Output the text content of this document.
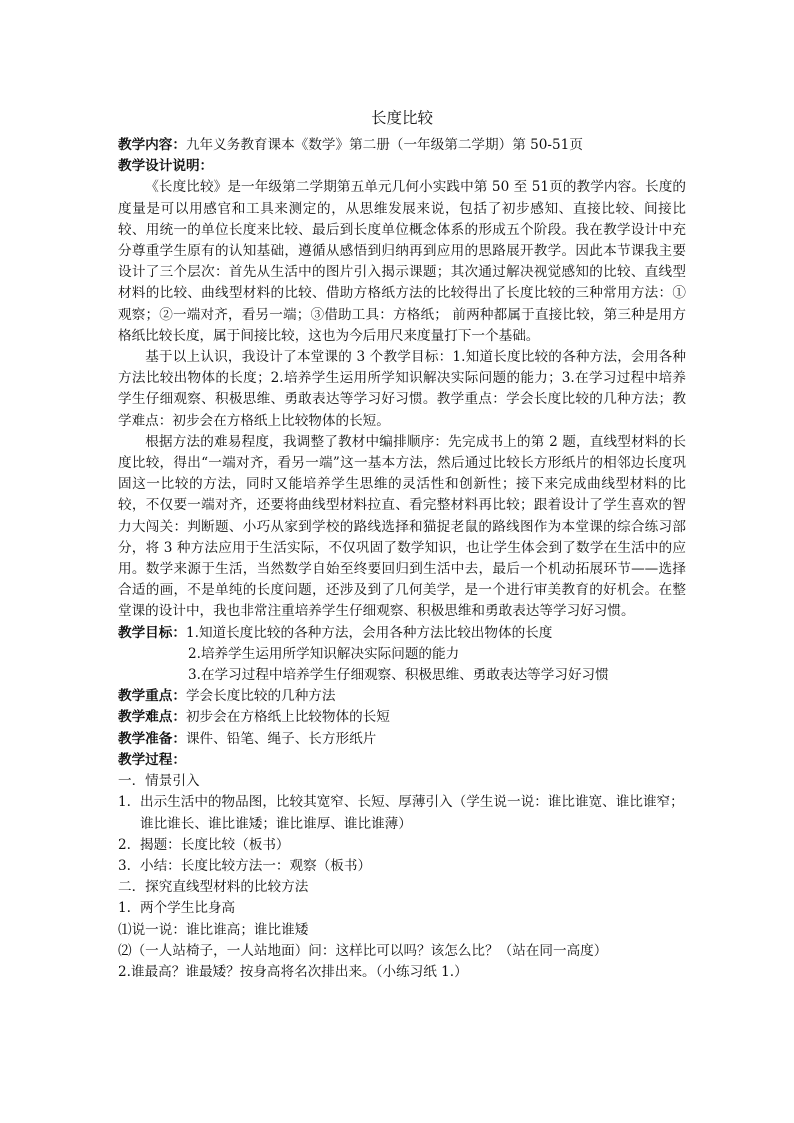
长度比较
教学内容：九年义务教育课本《数学》第二册（一年级第二学期）第 50-51页
教学设计说明：

《长度比较》是一年级第二学期第五单元几何小实践中第 50 至 51页的教学内容。长度的度量是可以用感官和工具来测定的，从思维发展来说，包括了初步感知、直接比较、间接比较、用统一的单位长度来比较、最后到长度单位概念体系的形成五个阶段。我在教学设计中充分尊重学生原有的认知基础，遵循从感悟到归纳再到应用的思路展开教学。因此本节课我主要设计了三个层次：首先从生活中的图片引入揭示课题；其次通过解决视觉感知的比较、直线型材料的比较、曲线型材料的比较、借助方格纸方法的比较得出了长度比较的三种常用方法：①观察；②一端对齐，看另一端；③借助工具：方格纸； 前两种都属于直接比较，第三种是用方格纸比较长度，属于间接比较，这也为今后用尺来度量打下一个基础。

基于以上认识，我设计了本堂课的 3 个教学目标：1.知道长度比较的各种方法，会用各种方法比较出物体的长度；2.培养学生运用所学知识解决实际问题的能力；3.在学习过程中培养学生仔细观察、积极思维、勇敢表达等学习好习惯。教学重点：学会长度比较的几种方法；教学难点：初步会在方格纸上比较物体的长短。

根据方法的难易程度，我调整了教材中编排顺序：先完成书上的第 2 题，直线型材料的长度比较，得出“一端对齐，看另一端”这一基本方法，然后通过比较长方形纸片的相邻边长度巩固这一比较的方法，同时又能培养学生思维的灵活性和创新性；接下来完成曲线型材料的比较，不仅要一端对齐，还要将曲线型材料拉直、看完整材料再比较；跟着设计了学生喜欢的智力大闯关：判断题、小巧从家到学校的路线选择和猫捉老鼠的路线图作为本堂课的综合练习部分，将 3 种方法应用于生活实际，不仅巩固了数学知识，也让学生体会到了数学在生活中的应用。数学来源于生活，当然数学自始至终要回归到生活中去，最后一个机动拓展环节——选择合适的画，不是单纯的长度问题，还涉及到了几何美学，是一个进行审美教育的好机会。在整堂课的设计中，我也非常注重培养学生仔细观察、积极思维和勇敢表达等学习好习惯。

教学目标： 1.知道长度比较的各种方法，会用各种方法比较出物体的长度
2.培养学生运用所学知识解决实际问题的能力
3.在学习过程中培养学生仔细观察、积极思维、勇敢表达等学习好习惯
教学重点：学会长度比较的几种方法
教学难点：初步会在方格纸上比较物体的长短
教学准备：课件、铅笔、绳子、长方形纸片
教学过程：
一．情景引入
1. 出示生活中的物品图，比较其宽窄、长短、厚薄引入（学生说一说：谁比谁宽、谁比谁窄；谁比谁长、谁比谁矮；谁比谁厚、谁比谁薄）
2. 揭题：长度比较（板书）
3. 小结：长度比较方法一：观察（板书）
二．探究直线型材料的比较方法
1. 两个学生比身高
⑴说一说：谁比谁高；谁比谁矮
⑵（一人站椅子，一人站地面）问：这样比可以吗？该怎么比？（站在同一高度）
2.谁最高？谁最矮？按身高将名次排出来。（小练习纸 1.）
